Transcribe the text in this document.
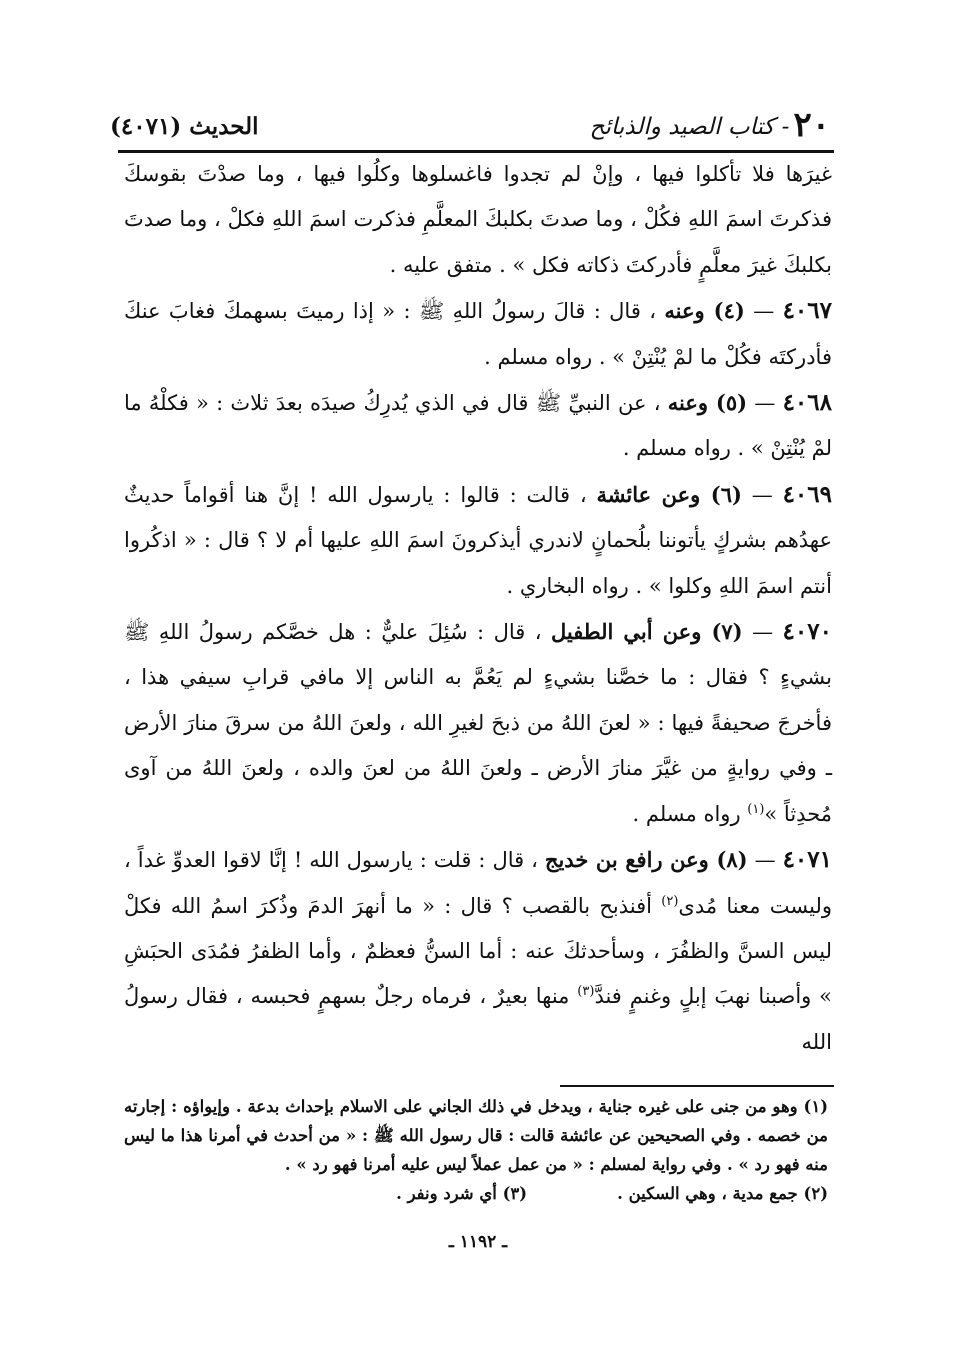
٢٠
- كتاب الصيد والذبائح
الحديث (٤٠٧١)

غيرَها فلا تأكلوا فيها ، وإنْ لم تجدوا فاغسلوها وكلُوا فيها ، وما صدْتَ بقوسكَ فذكرتَ اسمَ اللهِ فكُلْ ، وما صدتَ بكلبكَ المعلَّمِ فذكرت اسمَ اللهِ فكلْ ، وما صدتَ بكلبكَ غيرَ معلَّمٍ فأدركتَ ذكاته فكل » . متفق عليه .

٤٠٦٧ — (٤) وعنه ، قال : قالَ رسولُ اللهِ ﷺ : « إذا رميتَ بسهمكَ فغابَ عنكَ فأدركتَه فكُلْ ما لمْ يُنْتِنْ » . رواه مسلم .

٤٠٦٨ — (٥) وعنه ، عن النبيِّ ﷺ قال في الذي يُدرِكُ صيدَه بعدَ ثلاث : « فكلْهُ ما لمْ يُنْتِنْ » . رواه مسلم .

٤٠٦٩ — (٦) وعن عائشة ، قالت : قالوا : يارسول الله ! إنَّ هنا أقواماً حديثٌ عهدُهم بشركٍ يأتوننا بلُحمانٍ لاندري أيذكرونَ اسمَ اللهِ عليها أم لا ؟ قال : « اذكُروا أنتم اسمَ اللهِ وكلوا » . رواه البخاري .

٤٠٧٠ — (٧) وعن أبي الطفيل ، قال : سُئِلَ عليٌّ : هل خصَّكم رسولُ اللهِ ﷺ بشيءٍ ؟ فقال : ما خصَّنا بشيءٍ لم يَعُمَّ به الناس إلا مافي قرابِ سيفي هذا ، فأخرجَ صحيفةً فيها : « لعنَ اللهُ من ذبحَ لغيرِ الله ، ولعنَ اللهُ من سرقَ منارَ الأرض ـ وفي روايةٍ من غيَّرَ منارَ الأرض ـ ولعنَ اللهُ من لعنَ والده ، ولعنَ اللهُ من آوى مُحدِثاً »$^{(١)}$ رواه مسلم .

٤٠٧١ — (٨) وعن رافع بن خديج ، قال : قلت : يارسول الله ! إنَّا لاقوا العدوِّ غداً ، وليست معنا مُدى$^{(٢)}$ أفنذبح بالقصب ؟ قال : « ما أنهرَ الدمَ وذُكرَ اسمُ الله فكلْ ليس السنَّ والظفُرَ ، وسأحدثكَ عنه : أما السنُّ فعظمٌ ، وأما الظفرُ فمُدَى الحبَشِ » وأصبنا نهبَ إبلٍ وغنمٍ فندَّ$^{(٣)}$ منها بعيرٌ ، فرماه رجلٌ بسهمٍ فحبسه ، فقال رسولُ الله

(١) وهو من جنى على غيره جناية ، ويدخل في ذلك الجاني على الاسلام بإحداث بدعة . وإيواؤه : إجارته من خصمه . وفي الصحيحين عن عائشة قالت : قال رسول الله ﷺ : « من أحدث في أمرنا هذا ما ليس منه فهو رد » . وفي رواية لمسلم : « من عمل عملاً ليس عليه أمرنا فهو رد » .

(٢) جمع مدية ، وهي السكين .
(٣) أي شرد ونفر .
ـ ١١٩٢ ـ
